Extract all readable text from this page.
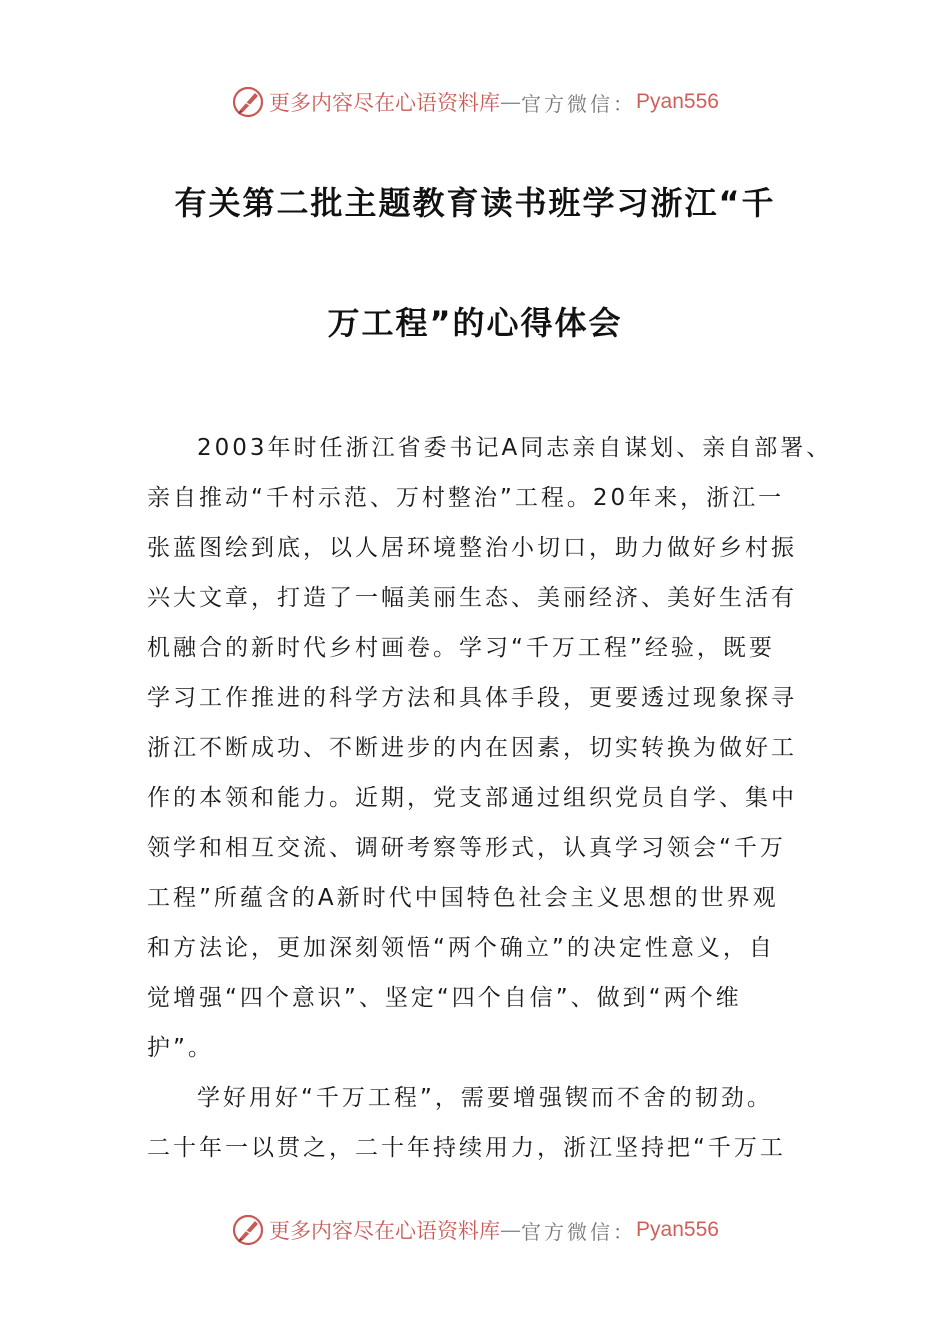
更多内容尽在心语资料库 — 官方微信： Pyan556
有关第二批主题教育读书班学习浙江“千
万工程”的心得体会
2003年时任浙江省委书记A同志亲自谋划、亲自部署、
亲自推动“千村示范、万村整治”工程。20年来，浙江一
张蓝图绘到底，以人居环境整治小切口，助力做好乡村振
兴大文章，打造了一幅美丽生态、美丽经济、美好生活有
机融合的新时代乡村画卷。学习“千万工程”经验，既要
学习工作推进的科学方法和具体手段，更要透过现象探寻
浙江不断成功、不断进步的内在因素，切实转换为做好工
作的本领和能力。近期，党支部通过组织党员自学、集中
领学和相互交流、调研考察等形式，认真学习领会“千万
工程”所蕴含的A新时代中国特色社会主义思想的世界观
和方法论，更加深刻领悟“两个确立”的决定性意义，自
觉增强“四个意识”、坚定“四个自信”、做到“两个维
护”。
学好用好“千万工程”，需要增强锲而不舍的韧劲。
二十年一以贯之，二十年持续用力，浙江坚持把“千万工
更多内容尽在心语资料库 — 官方微信： Pyan556
